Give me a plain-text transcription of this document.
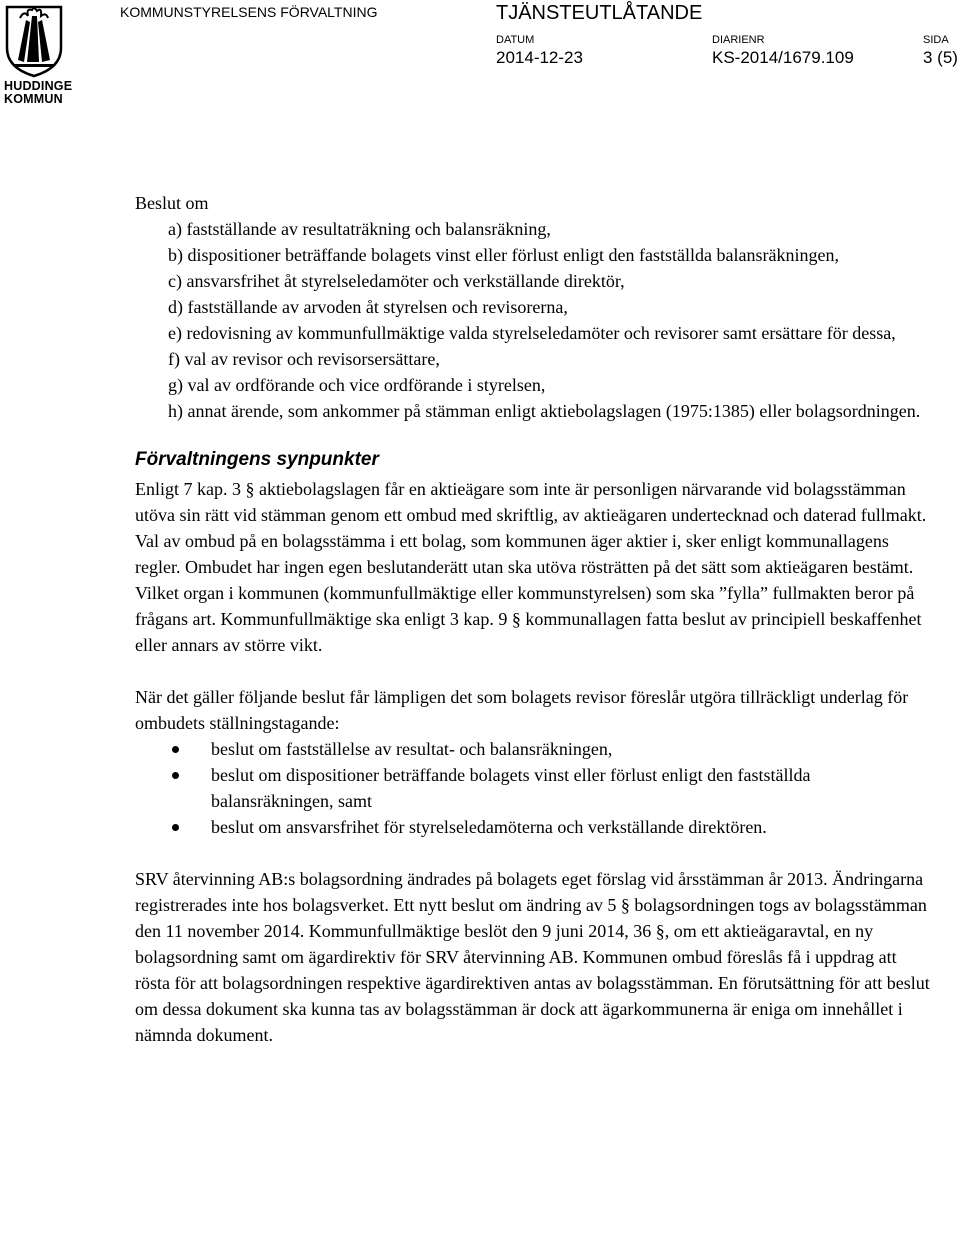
HUDDINGE
KOMMUN
KOMMUNSTYRELSENS FÖRVALTNING	TJÄNSTEUTLÅTANDE
DATUM
2014-12-23
DIARIENR
KS-2014/1679.109
SIDA
3 (5)

Beslut om

a) fastställande av resultaträkning och balansräkning,

b) dispositioner beträffande bolagets vinst eller förlust enligt den fastställda balansräkningen,

c) ansvarsfrihet åt styrelseledamöter och verkställande direktör,

d) fastställande av arvoden åt styrelsen och revisorerna,

e) redovisning av kommunfullmäktige valda styrelseledamöter och revisorer samt ersättare för dessa,

f) val av revisor och revisorsersättare,

g) val av ordförande och vice ordförande i styrelsen,

h) annat ärende, som ankommer på stämman enligt aktiebolagslagen (1975:1385) eller bolagsordningen.

Förvaltningens synpunkter

Enligt 7 kap. 3 § aktiebolagslagen får en aktieägare som inte är personligen närvarande vid bolagsstämman utöva sin rätt vid stämman genom ett ombud med skriftlig, av aktieägaren undertecknad och daterad fullmakt. Val av ombud på en bolagsstämma i ett bolag, som kommunen äger aktier i, sker enligt kommunallagens regler. Ombudet har ingen egen beslutanderätt utan ska utöva rösträtten på det sätt som aktieägaren bestämt. Vilket organ i kommunen (kommunfullmäktige eller kommunstyrelsen) som ska ”fylla” fullmakten beror på frågans art. Kommunfullmäktige ska enligt 3 kap. 9 § kommunallagen fatta beslut av principiell beskaffenhet eller annars av större vikt.

När det gäller följande beslut får lämpligen det som bolagets revisor föreslår utgöra tillräckligt underlag för ombudets ställningstagande:

beslut om fastställelse av resultat- och balansräkningen,
beslut om dispositioner beträffande bolagets vinst eller förlust enligt den fastställda balansräkningen, samt
beslut om ansvarsfrihet för styrelseledamöterna och verkställande direktören.

SRV återvinning AB:s bolagsordning ändrades på bolagets eget förslag vid årsstämman år 2013. Ändringarna registrerades inte hos bolagsverket. Ett nytt beslut om ändring av 5 § bolagsordningen togs av bolagsstämman den 11 november 2014. Kommunfullmäktige beslöt den 9 juni 2014, 36 §, om ett aktieägaravtal, en ny bolagsordning samt om ägardirektiv för SRV återvinning AB. Kommunen ombud föreslås få i uppdrag att rösta för att bolagsordningen respektive ägardirektiven antas av bolagsstämman. En förutsättning för att beslut om dessa dokument ska kunna tas av bolagsstämman är dock att ägarkommunerna är eniga om innehållet i nämnda dokument.
